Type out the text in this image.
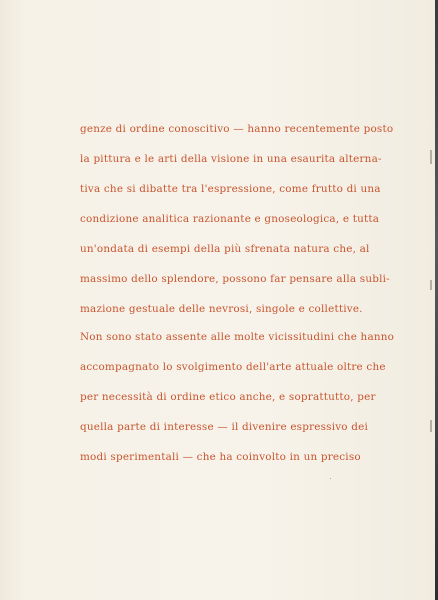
genze di ordine conoscitivo — hanno recentemente posto
la pittura e le arti della visione in una esaurita alterna-
tiva che si dibatte tra l'espressione, come frutto di una
condizione analitica razionante e gnoseologica, e tutta
un'ondata di esempi della più sfrenata natura che, al
massimo dello splendore, possono far pensare alla subli-
mazione gestuale delle nevrosi, singole e collettive.
Non sono stato assente alle molte vicissitudini che hanno
accompagnato lo svolgimento dell'arte attuale oltre che
per necessità di ordine etico anche, e soprattutto, per
quella parte di interesse — il divenire espressivo dei
modi sperimentali — che ha coinvolto in un preciso
